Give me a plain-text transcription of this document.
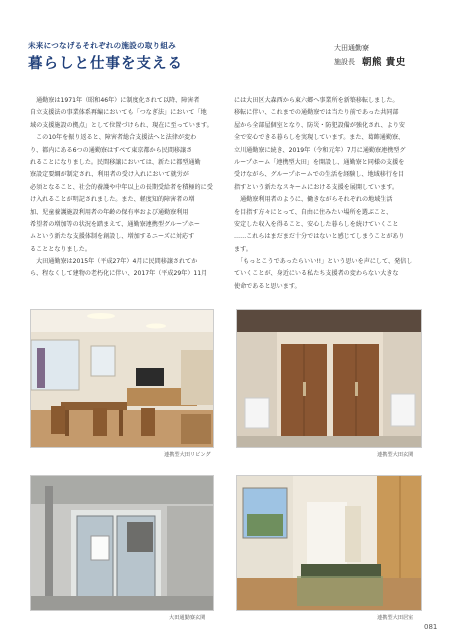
未来につなげるそれぞれの施設の取り組み
暮らしと仕事を支える
大田通勤寮
施設長 朝熊 貴史
　通勤寮は1971年（昭和46年）に制度化されて以降、障害者
自立支援法の事業体系再編においても「つなぎ法」において「地
域の支援施設の拠点」として位置づけられ、現在に至っています。
　この10年を振り返ると、障害者総合支援法へと法律が変わ
り、都内にある6つの通勤寮はすべて東京都から民間移譲さ
れることになりました。民間移譲においては、新たに都型通勤
寮設定要綱が制定され、利用者の受け入れにおいて就労が
必須となること、社会的養護や中年以上の長期受給者を積極的に受
け入れることが明記されました。また、軽度知的障害者の増
加、児童養護施設利用者の年齢の保有率および通勤寮利用
希望者の増加等の状況を踏まえて、通勤寮連携型グループホー
ムという新たな支援体制を創設し、増加するニーズに対応す
ることとなりました。
　大田通勤寮は2015年（平成27年）4月に民間移譲されてか
ら、程なくして建物の老朽化に伴い、2017年（平成29年）11月
には大田区大森西から東六郷へ事業所を新築移転しました。
移転に伴い、これまでの通勤寮では当たり前であった共同部
屋から全部屋個室となり、防災・防犯設備が強化され、より安
全で安心できる暮らしを実現しています。また、葛飾通勤寮、
立川通勤寮に続き、2019年（令和元年）7月に通勤寮連携型グ
ループホーム「連携型大田」を開設し、通勤寮と同様の支援を
受けながら、グループホームでの生活を経験し、地域移行を目
指すという新たなスキームにおける支援を展開しています。
　通勤寮利用者のように、働きながらそれぞれの地域生活
を目指す方々にとって、自由に住みたい場所を選ぶこと、
安定した収入を得ること、安心した暮らしを続けていくこと
……これらはまだまだ十分ではないと感じてしまうことがあり
ます。
　「もっとこうであったらいい!!」という思いを声にして、発信し
ていくことが、身近にいる私たち支援者の変わらない大きな
使命であると思います。
連携型大田リビング	連携型大田玄関
大田通勤寮玄関	連携型大田居室
081
